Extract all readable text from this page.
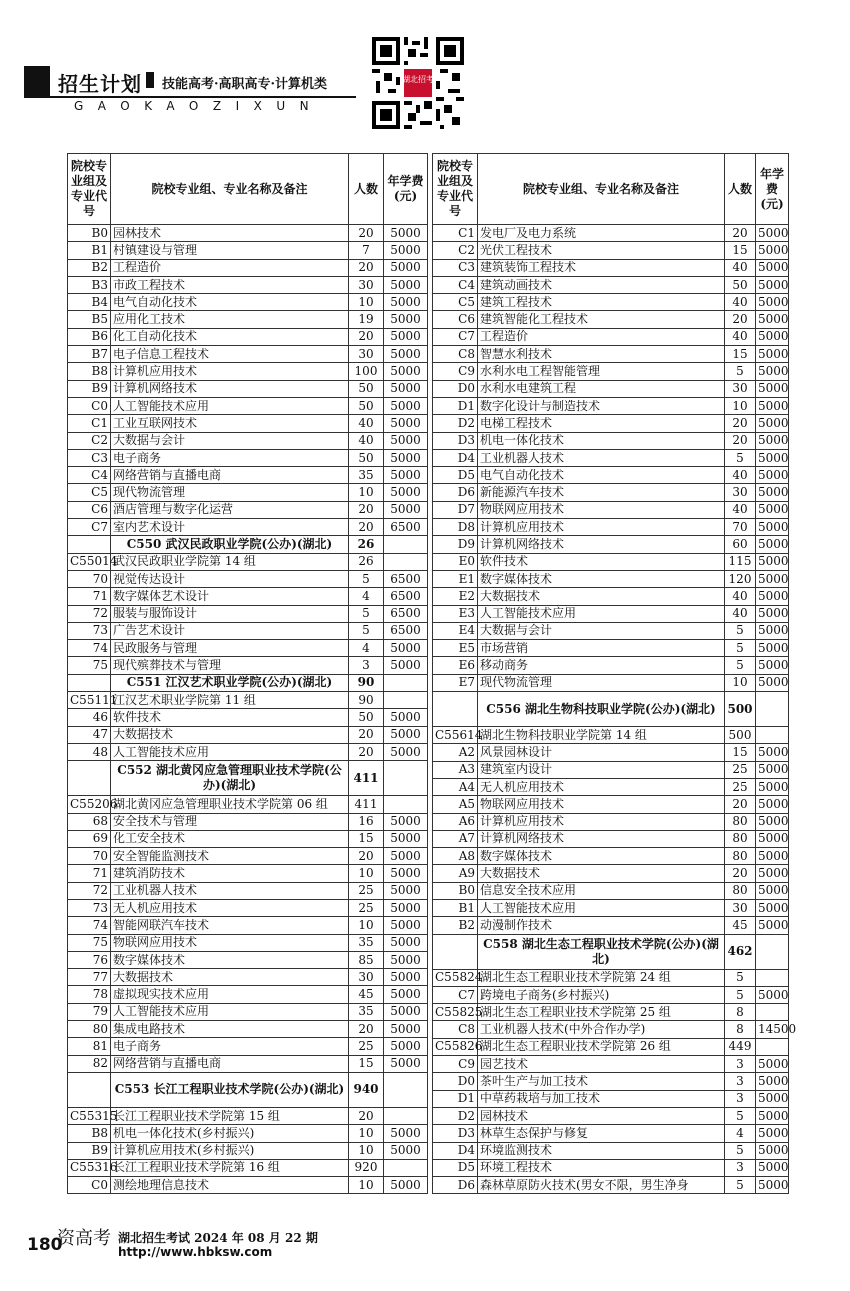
招生计划 技能高考·高职高专·计算机类
GAOKAOZIXUN
湖北招考
院校专业组及专业代号	院校专业组、专业名称及备注	人数	年学费(元)
B0	园林技术	20	5000
B1	村镇建设与管理	7	5000
B2	工程造价	20	5000
B3	市政工程技术	30	5000
B4	电气自动化技术	10	5000
B5	应用化工技术	19	5000
B6	化工自动化技术	20	5000
B7	电子信息工程技术	30	5000
B8	计算机应用技术	100	5000
B9	计算机网络技术	50	5000
C0	人工智能技术应用	50	5000
C1	工业互联网技术	40	5000
C2	大数据与会计	40	5000
C3	电子商务	50	5000
C4	网络营销与直播电商	35	5000
C5	现代物流管理	10	5000
C6	酒店管理与数字化运营	20	5000
C7	室内艺术设计	20	6500
	C550 武汉民政职业学院(公办)(湖北)	26	
C55014	武汉民政职业学院第 14 组	26	
70	视觉传达设计	5	6500
71	数字媒体艺术设计	4	6500
72	服装与服饰设计	5	6500
73	广告艺术设计	5	6500
74	民政服务与管理	4	5000
75	现代殡葬技术与管理	3	5000
	C551 江汉艺术职业学院(公办)(湖北)	90	
C55111	江汉艺术职业学院第 11 组	90	
46	软件技术	50	5000
47	大数据技术	20	5000
48	人工智能技术应用	20	5000
	C552 湖北黄冈应急管理职业技术学院(公办)(湖北)	411	
C55206	湖北黄冈应急管理职业技术学院第 06 组	411	
68	安全技术与管理	16	5000
69	化工安全技术	15	5000
70	安全智能监测技术	20	5000
71	建筑消防技术	10	5000
72	工业机器人技术	25	5000
73	无人机应用技术	25	5000
74	智能网联汽车技术	10	5000
75	物联网应用技术	35	5000
76	数字媒体技术	85	5000
77	大数据技术	30	5000
78	虚拟现实技术应用	45	5000
79	人工智能技术应用	35	5000
80	集成电路技术	20	5000
81	电子商务	25	5000
82	网络营销与直播电商	15	5000
	C553 长江工程职业技术学院(公办)(湖北)	940	
C55315	长江工程职业技术学院第 15 组	20	
B8	机电一体化技术(乡村振兴)	10	5000
B9	计算机应用技术(乡村振兴)	10	5000
C55316	长江工程职业技术学院第 16 组	920	
C0	测绘地理信息技术	10	5000
院校专业组及专业代号	院校专业组、专业名称及备注	人数	年学费(元)
C1	发电厂及电力系统	20	5000
C2	光伏工程技术	15	5000
C3	建筑装饰工程技术	40	5000
C4	建筑动画技术	50	5000
C5	建筑工程技术	40	5000
C6	建筑智能化工程技术	20	5000
C7	工程造价	40	5000
C8	智慧水利技术	15	5000
C9	水利水电工程智能管理	5	5000
D0	水利水电建筑工程	30	5000
D1	数字化设计与制造技术	10	5000
D2	电梯工程技术	20	5000
D3	机电一体化技术	20	5000
D4	工业机器人技术	5	5000
D5	电气自动化技术	40	5000
D6	新能源汽车技术	30	5000
D7	物联网应用技术	40	5000
D8	计算机应用技术	70	5000
D9	计算机网络技术	60	5000
E0	软件技术	115	5000
E1	数字媒体技术	120	5000
E2	大数据技术	40	5000
E3	人工智能技术应用	40	5000
E4	大数据与会计	5	5000
E5	市场营销	5	5000
E6	移动商务	5	5000
E7	现代物流管理	10	5000
	C556 湖北生物科技职业学院(公办)(湖北)	500	
C55614	湖北生物科技职业学院第 14 组	500	
A2	风景园林设计	15	5000
A3	建筑室内设计	25	5000
A4	无人机应用技术	25	5000
A5	物联网应用技术	20	5000
A6	计算机应用技术	80	5000
A7	计算机网络技术	80	5000
A8	数字媒体技术	80	5000
A9	大数据技术	20	5000
B0	信息安全技术应用	80	5000
B1	人工智能技术应用	30	5000
B2	动漫制作技术	45	5000
	C558 湖北生态工程职业技术学院(公办)(湖北)	462	
C55824	湖北生态工程职业技术学院第 24 组	5	
C7	跨境电子商务(乡村振兴)	5	5000
C55825	湖北生态工程职业技术学院第 25 组	8	
C8	工业机器人技术(中外合作办学)	8	14500
C55826	湖北生态工程职业技术学院第 26 组	449	
C9	园艺技术	3	5000
D0	茶叶生产与加工技术	3	5000
D1	中草药栽培与加工技术	3	5000
D2	园林技术	5	5000
D3	林草生态保护与修复	4	5000
D4	环境监测技术	5	5000
D5	环境工程技术	3	5000
D6	森林草原防火技术(男女不限，男生净身	5	5000
180
资高考 湖北招生考试 2024 年 08 月 22 期
http://www.hbksw.com
